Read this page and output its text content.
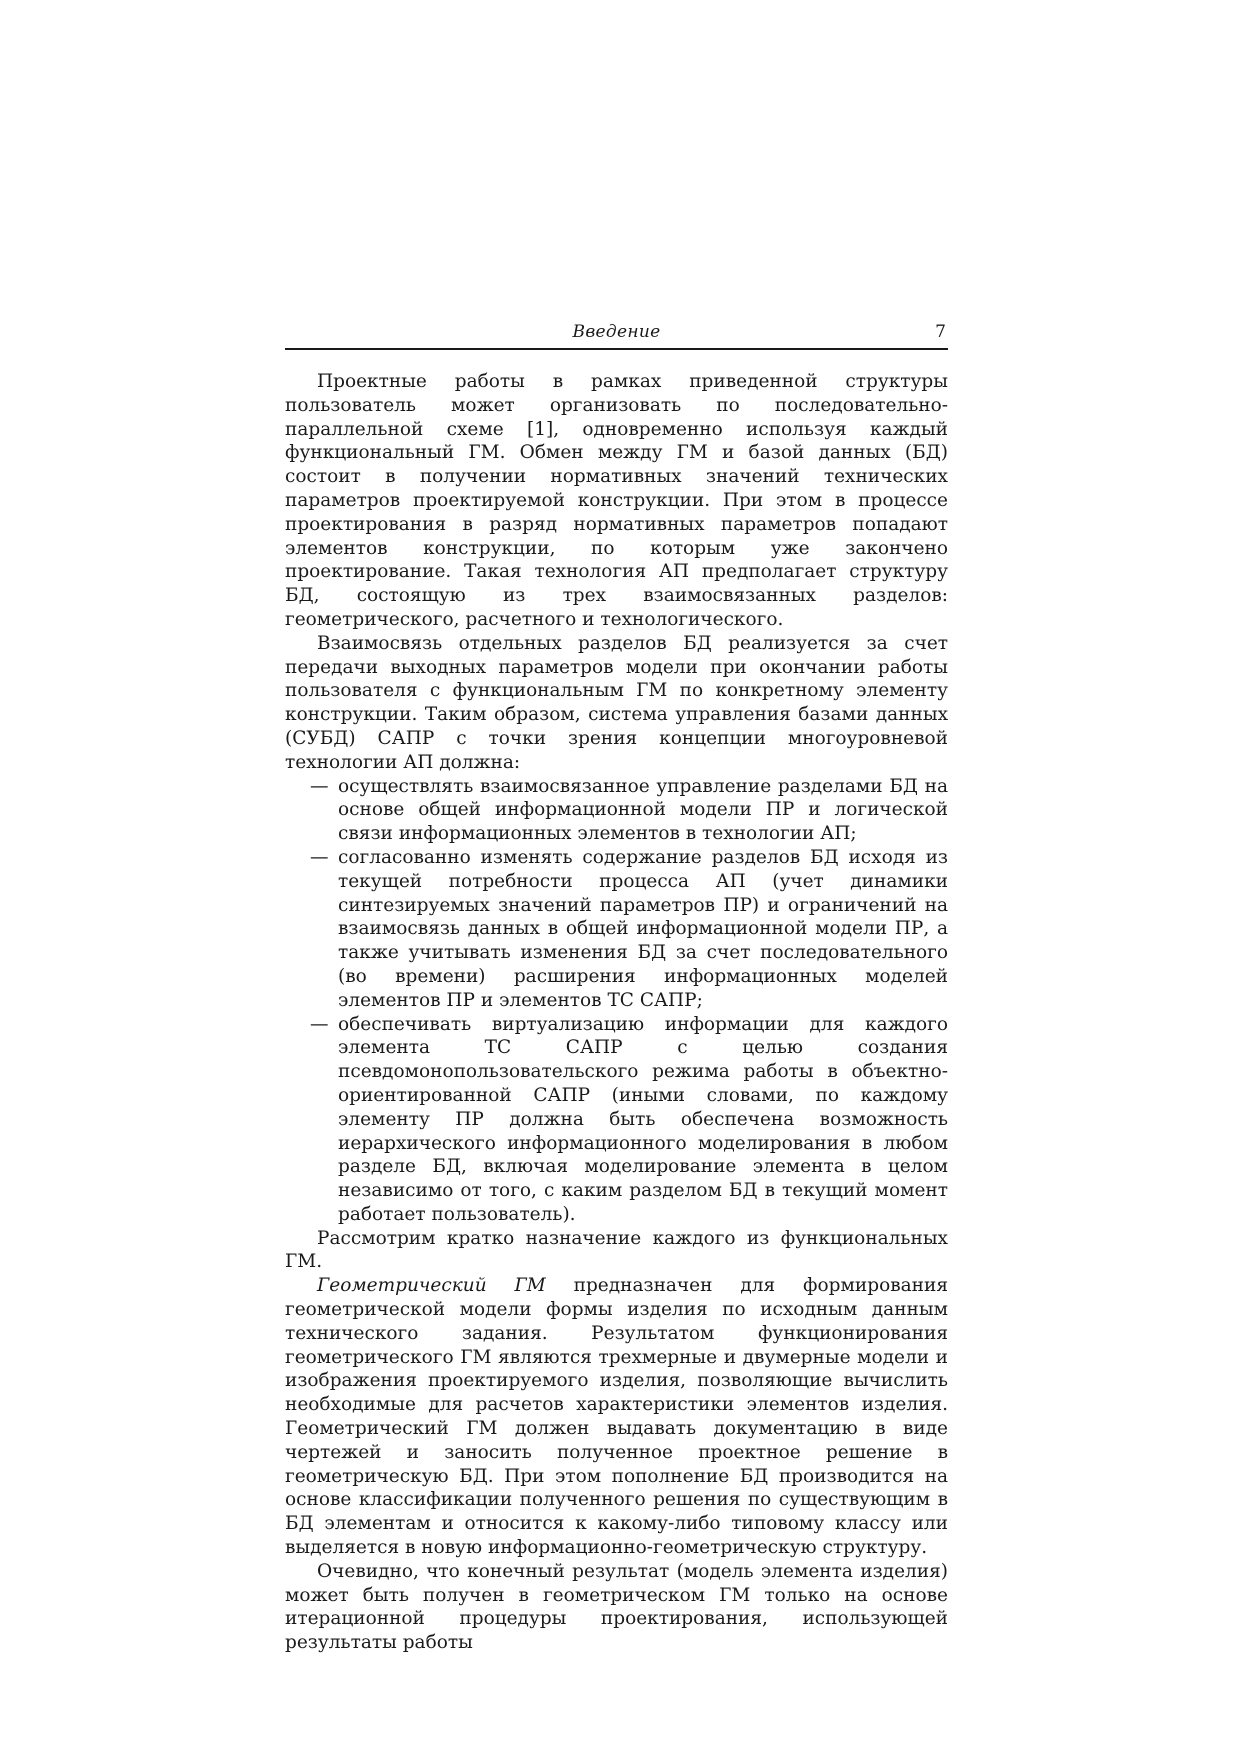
Введение	7

Проектные работы в рамках приведенной структуры пользователь может организовать по последовательно-параллельной схеме [1], одновременно используя каждый функциональный ГМ. Обмен между ГМ и базой данных (БД) состоит в получении нормативных значений технических параметров проектируемой конструкции. При этом в процессе проектирования в разряд нормативных параметров попадают элементов конструкции, по которым уже закончено проектирование. Такая технология АП предполагает структуру БД, состоящую из трех взаимосвязанных разделов: геометрического, расчетного и технологического.

Взаимосвязь отдельных разделов БД реализуется за счет передачи выходных параметров модели при окончании работы пользователя с функциональным ГМ по конкретному элементу конструкции. Таким образом, система управления базами данных (СУБД) САПР с точки зрения концепции многоуровневой технологии АП должна:

— осуществлять взаимосвязанное управление разделами БД на основе общей информационной модели ПР и логической связи информационных элементов в технологии АП;
— согласованно изменять содержание разделов БД исходя из текущей потребности процесса АП (учет динамики синтезируемых значений параметров ПР) и ограничений на взаимосвязь данных в общей информационной модели ПР, а также учитывать изменения БД за счет последовательного (во времени) расширения информационных моделей элементов ПР и элементов ТС САПР;
— обеспечивать виртуализацию информации для каждого элемента ТС САПР с целью создания псевдомонопользовательского режима работы в объектно-ориентированной САПР (иными словами, по каждому элементу ПР должна быть обеспечена возможность иерархического информационного моделирования в любом разделе БД, включая моделирование элемента в целом независимо от того, с каким разделом БД в текущий момент работает пользователь).

Рассмотрим кратко назначение каждого из функциональных ГМ.

Геометрический ГМ предназначен для формирования геометрической модели формы изделия по исходным данным технического задания. Результатом функционирования геометрического ГМ являются трехмерные и двумерные модели и изображения проектируемого изделия, позволяющие вычислить необходимые для расчетов характеристики элементов изделия. Геометрический ГМ должен выдавать документацию в виде чертежей и заносить полученное проектное решение в геометрическую БД. При этом пополнение БД производится на основе классификации полученного решения по существующим в БД элементам и относится к какому-либо типовому классу или выделяется в новую информационно-геометрическую структуру.

Очевидно, что конечный результат (модель элемента изделия) может быть получен в геометрическом ГМ только на основе итерационной процедуры проектирования, использующей результаты работы
